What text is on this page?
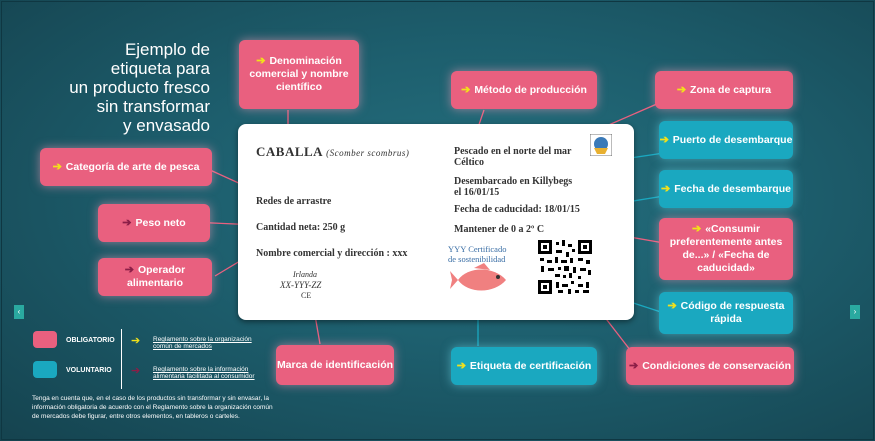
‹	›
Ejemplo de
etiqueta para
un producto fresco
sin transformar
y envasado
CABALLA (Scomber scombrus)
Redes de arrastre
Cantidad neta: 250 g
Nombre comercial y dirección : xxx
Irlanda
XX-YYY-ZZ
CE
Pescado en el norte del mar
Céltico
Desembarcado en Killybegs
el 16/01/15
Fecha de caducidad: 18/01/15
Mantener de 0 a 2º C
YYY Certificado
de sostenibilidad
➔ Denominación comercial y nombre científico	➔ Método de producción	➔ Zona de captura
➔ Categoría de arte de pesca
➔ Puerto de desembarque
➔ Fecha de desembarque
➔ Peso neto
➔ Operador alimentario
➔ «Consumir preferentemente antes de...» / «Fecha de caducidad»
➔ Código de respuesta rápida
Marca de identificación	➔ Etiqueta de certificación	➔ Condiciones de conservación
OBLIGATORIO
VOLUNTARIO
➔ Reglamento sobre la organización común de mercados
➔ Reglamento sobre la información alimentaria facilitada al consumidor
Tenga en cuenta que, en el caso de los productos sin transformar y sin envasar, la información obligatoria de acuerdo con el Reglamento sobre la organización común de mercados debe figurar, entre otros elementos, en tableros o carteles.
